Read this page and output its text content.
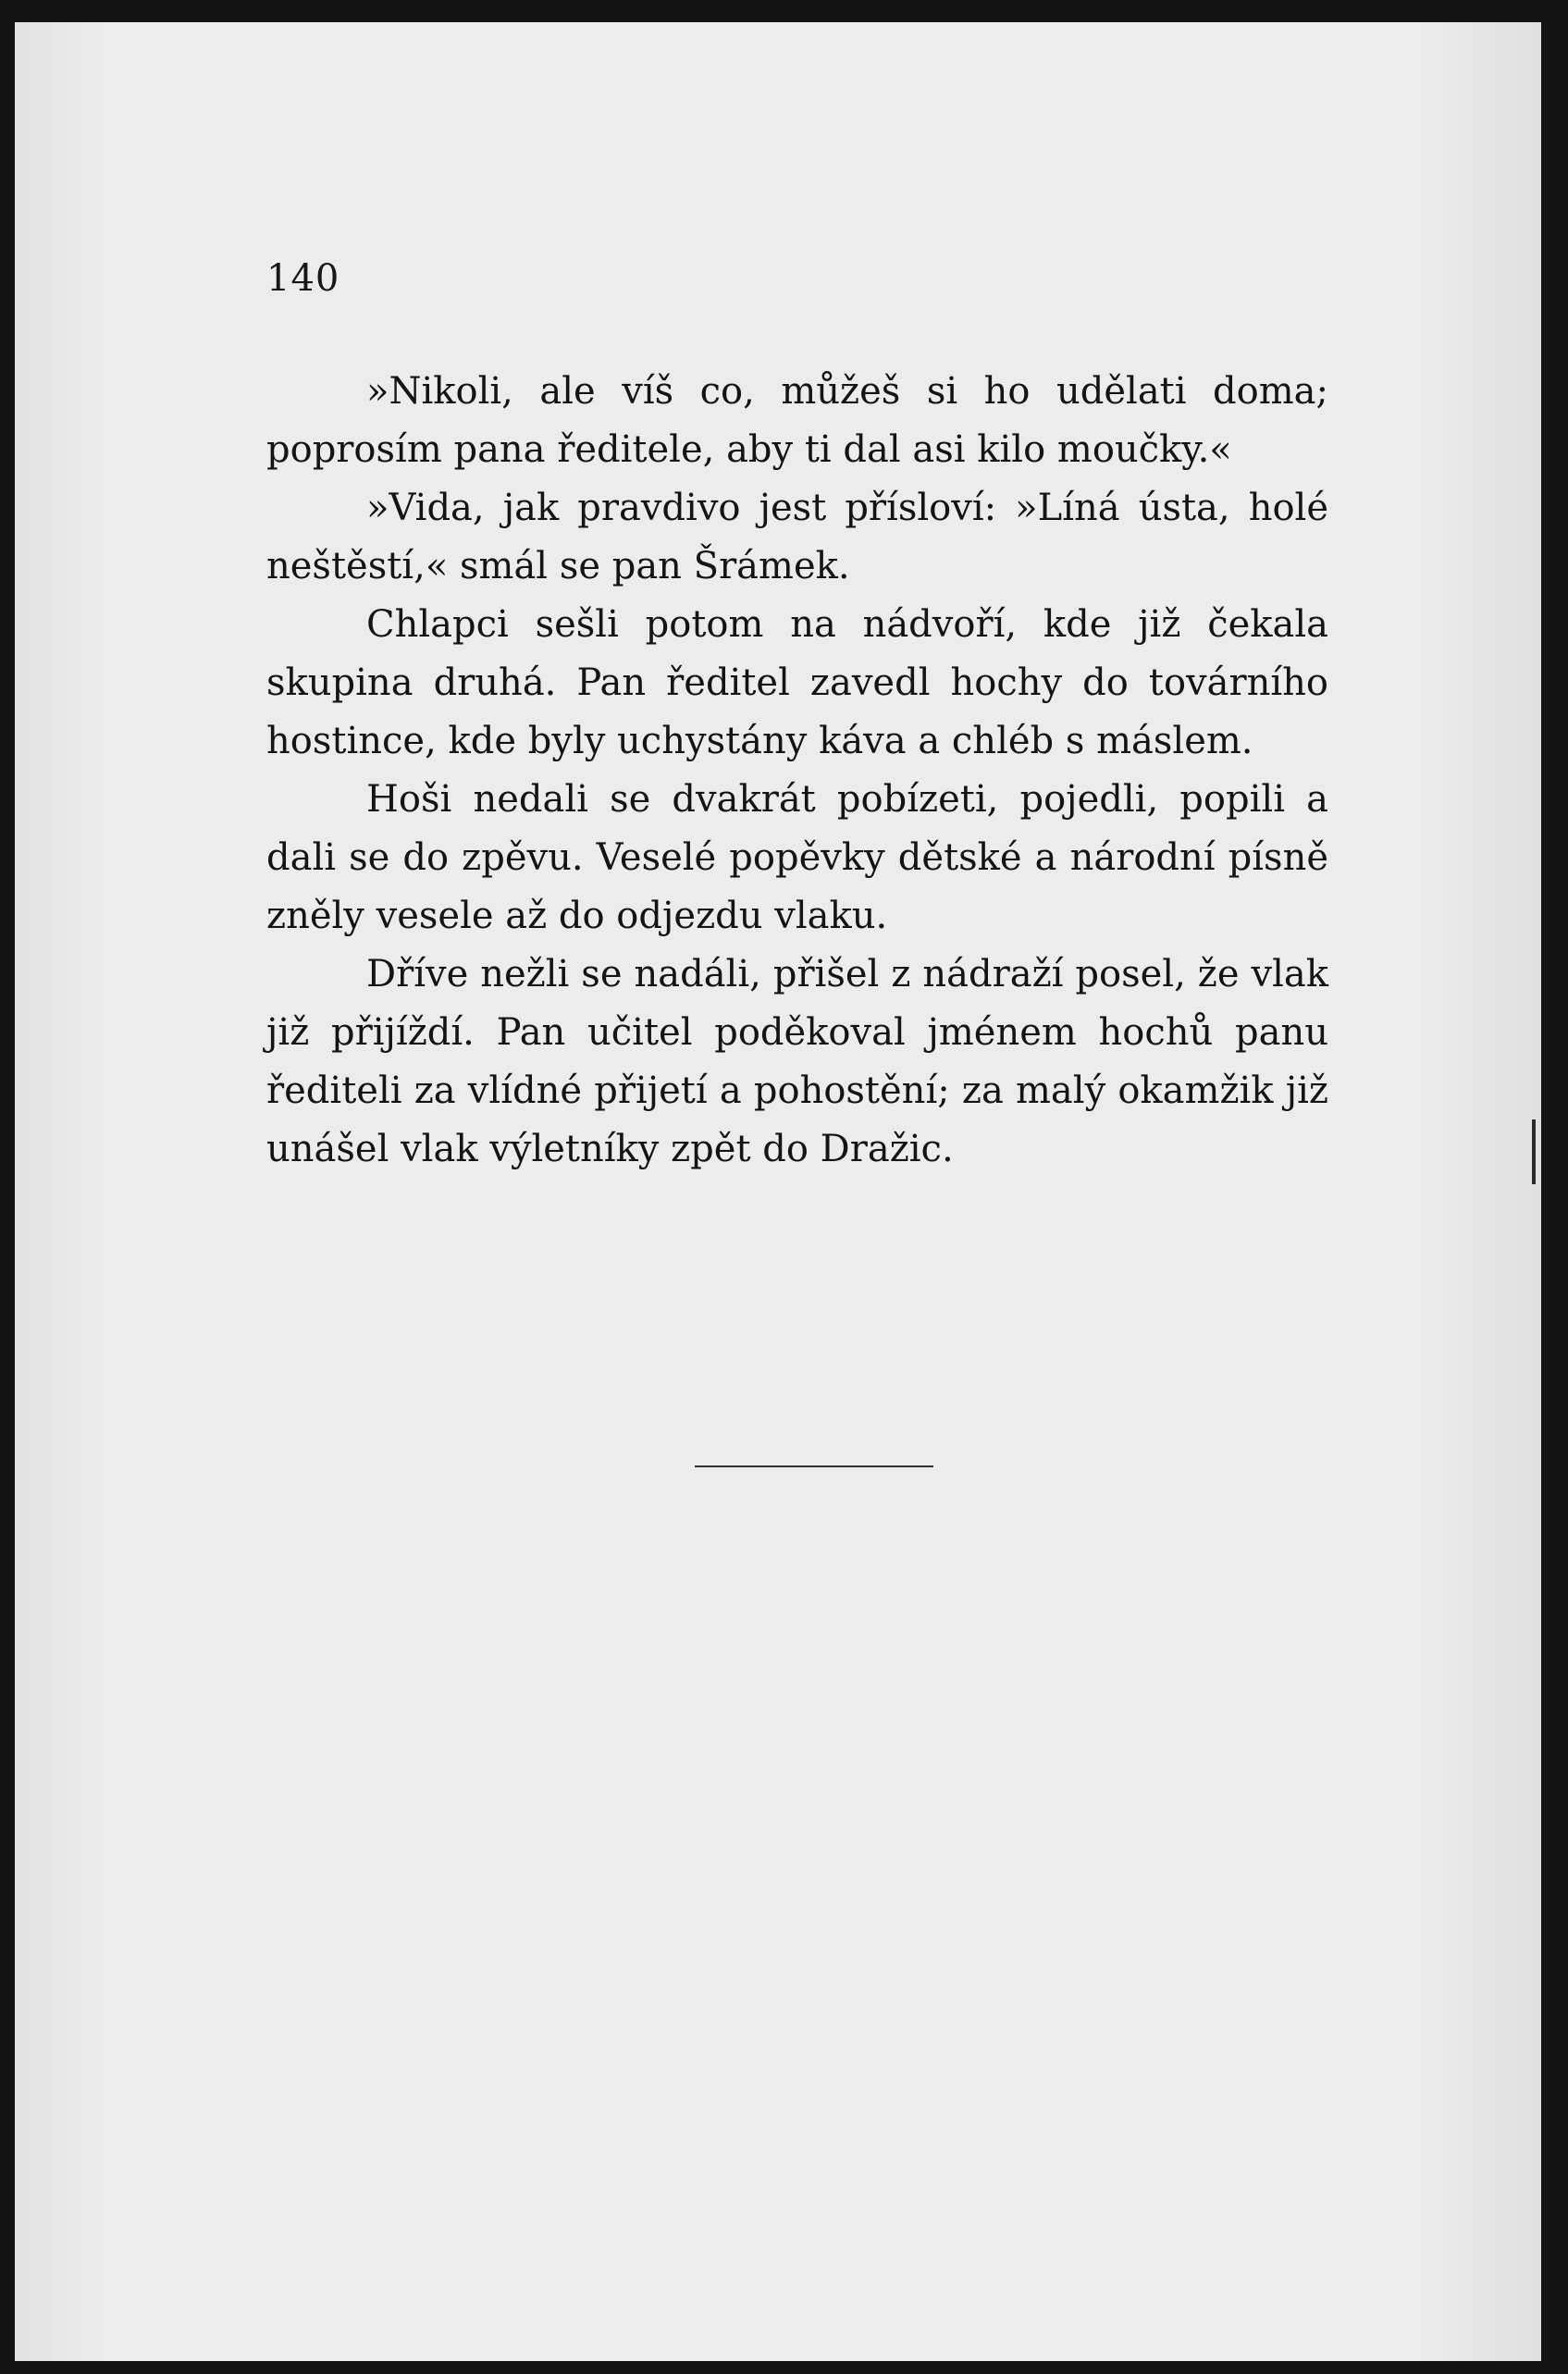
140

»Nikoli, ale víš co, můžeš si ho udělati doma; poprosím pana ředitele, aby ti dal asi kilo moučky.«

»Vida, jak pravdivo jest přísloví: »Líná ústa, holé neštěstí,« smál se pan Šrámek.

Chlapci sešli potom na nádvoří, kde již čekala skupina druhá. Pan ředitel zavedl hochy do továrního hostince, kde byly uchystány káva a chléb s máslem.

Hoši nedali se dvakrát pobízeti, pojedli, popili a dali se do zpěvu. Veselé popěvky dětské a národní písně zněly vesele až do odjezdu vlaku.

Dříve nežli se nadáli, přišel z nádraží posel, že vlak již přijíždí. Pan učitel poděkoval jménem hochů panu řediteli za vlídné přijetí a pohostění; za malý okamžik již unášel vlak výletníky zpět do Dražic.
